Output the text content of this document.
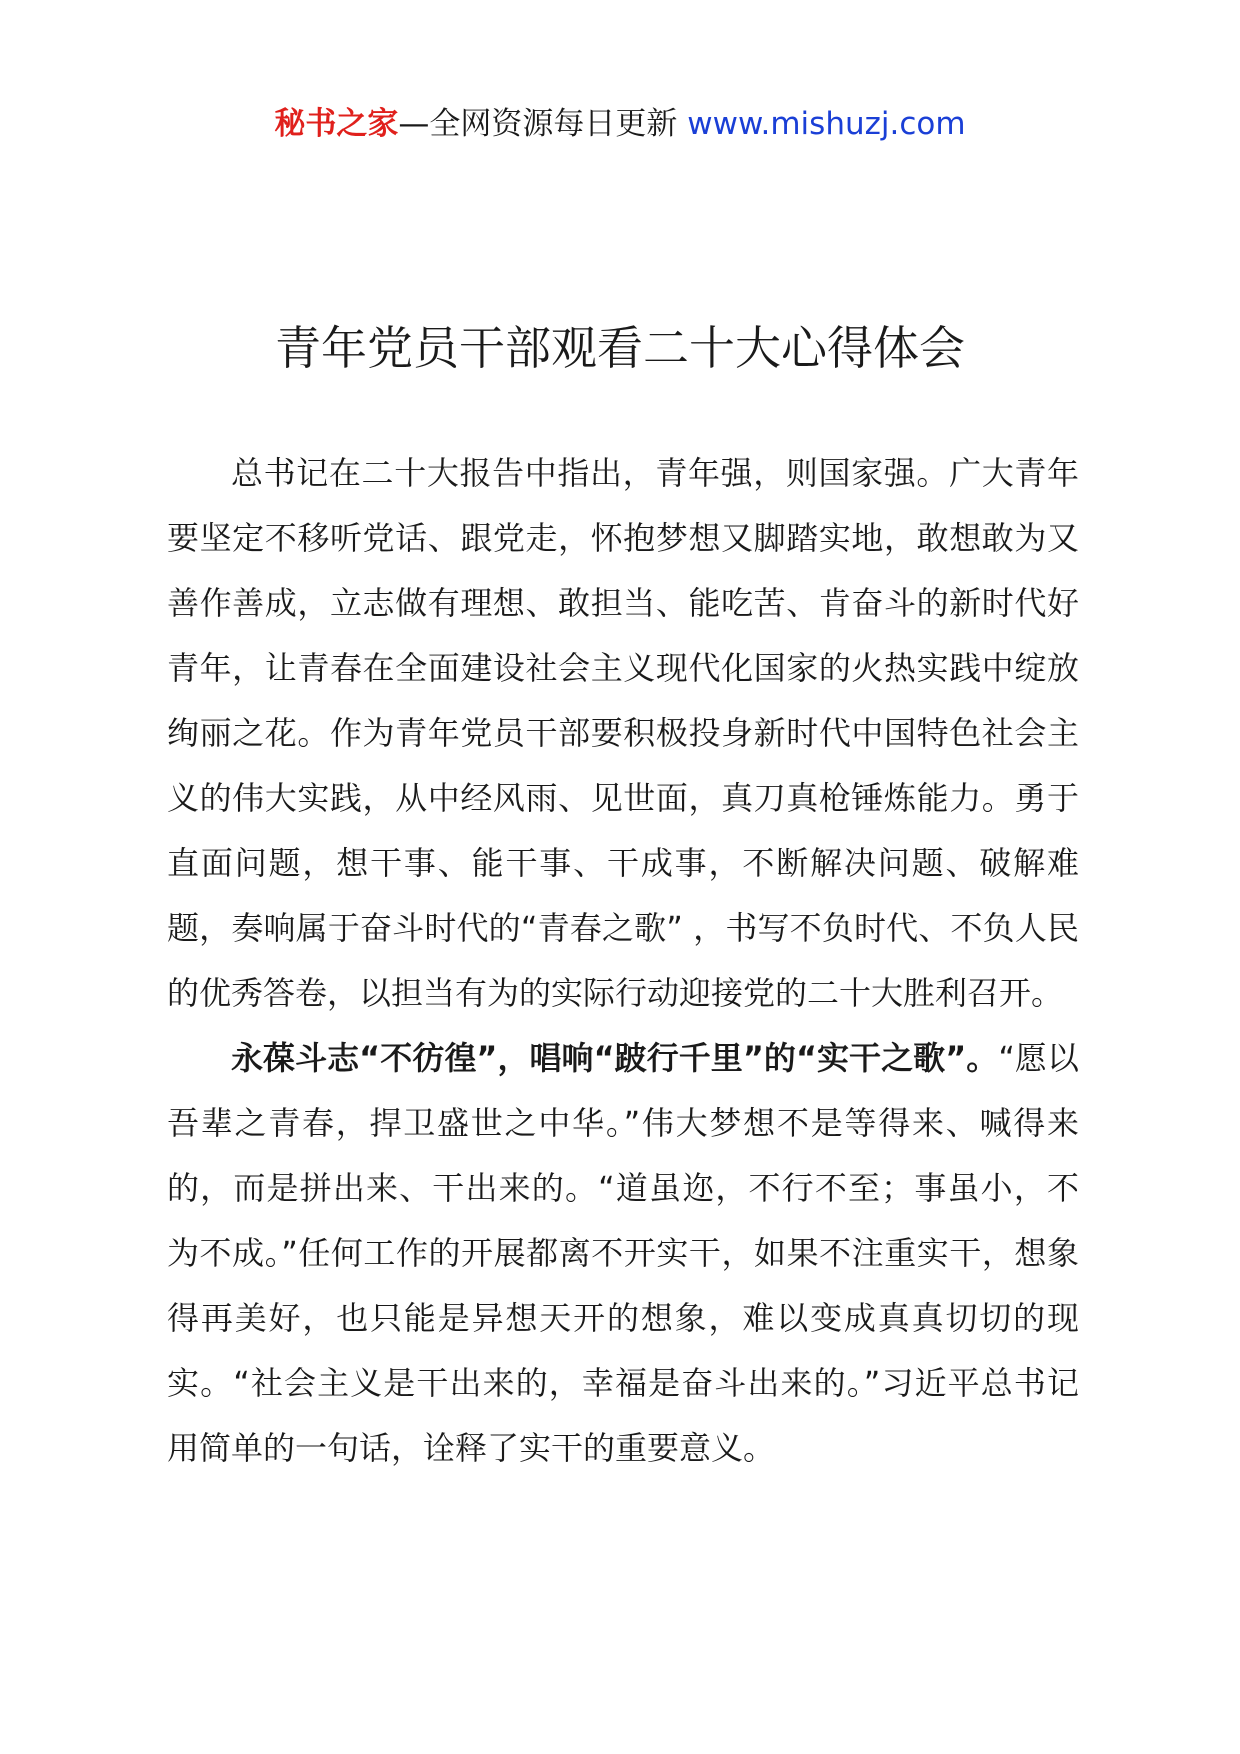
秘书之家—全网资源每日更新 www.mishuzj.com
青年党员干部观看二十大心得体会

总书记在二十大报告中指出，青年强，则国家强。广大青年要坚定不移听党话、跟党走，怀抱梦想又脚踏实地，敢想敢为又善作善成，立志做有理想、敢担当、能吃苦、肯奋斗的新时代好青年，让青春在全面建设社会主义现代化国家的火热实践中绽放绚丽之花。作为青年党员干部要积极投身新时代中国特色社会主义的伟大实践，从中经风雨、见世面，真刀真枪锤炼能力。勇于直面问题，想干事、能干事、干成事，不断解决问题、破解难题，奏响属于奋斗时代的“青春之歌” ，书写不负时代、不负人民的优秀答卷，以担当有为的实际行动迎接党的二十大胜利召开。

永葆斗志“不彷徨”，唱响“跛行千里”的“实干之歌”。“愿以吾辈之青春，捍卫盛世之中华。”伟大梦想不是等得来、喊得来的，而是拼出来、干出来的。“道虽迩，不行不至；事虽小，不为不成。”任何工作的开展都离不开实干，如果不注重实干，想象得再美好，也只能是异想天开的想象，难以变成真真切切的现实。“社会主义是干出来的，幸福是奋斗出来的。”习近平总书记用简单的一句话，诠释了实干的重要意义。
